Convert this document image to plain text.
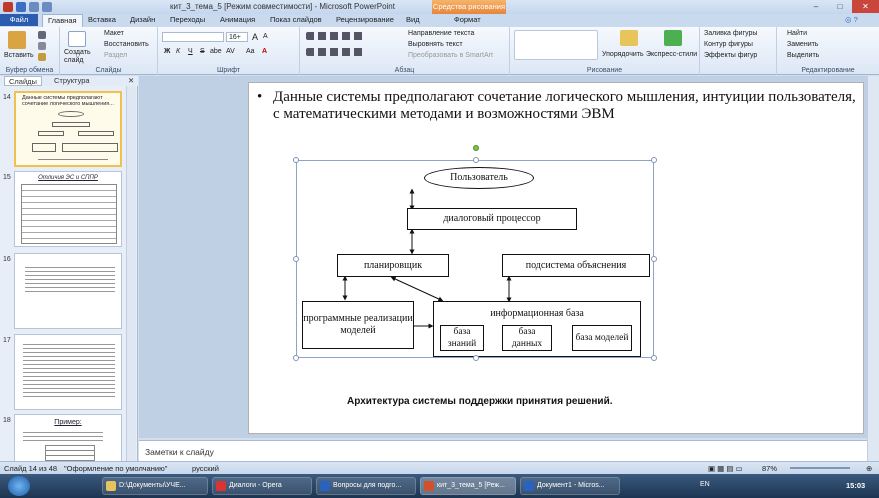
кит_3_тема_5 [Режим совместимости] - Microsoft PowerPoint	Средства рисования	–	□	✕
Файл	Главная	Вставка Дизайн Переходы Анимация Показ слайдов Рецензирование Вид	Формат	◎ ?
Вставить
Буфер обмена
Создать слайд
Макет
Восстановить
Раздел
Слайды
16+	A A
Ж К Ч S abe AV Aa A
Шрифт
Направление текста
Выровнять текст
Преобразовать в SmartArt
Абзац
Упорядочить Экспресс-стили
Рисование
Заливка фигуры
Контур фигуры
Эффекты фигур
Найти
Заменить
Выделить
Редактирование
Слайды	Структура	✕
14	Данные системы предполагают сочетание логического мышления...
15	Отличия ЭС и СППР
16
17
18	Пример:
• Данные системы предполагают сочетание логического мышления, интуиции пользователя, с математическими методами и возможностями ЭВМ
Пользователь
диалоговый процессор
планировщик	подсистема объяснения
программные реализации моделей
информационная база
база знаний
база данных
база моделей
Архитектура системы поддержки принятия решений.
Заметки к слайду
Слайд 14 из 48 "Оформление по умолчанию"	русский	▣ ▦ ▤ ▭	87%	⊕
D:\Документы\УЧЕ...	Диалоги - Opera	Вопросы для подго...	кит_3_тема_5 [Реж...	Документ1 - Micros...	EN	15:03
